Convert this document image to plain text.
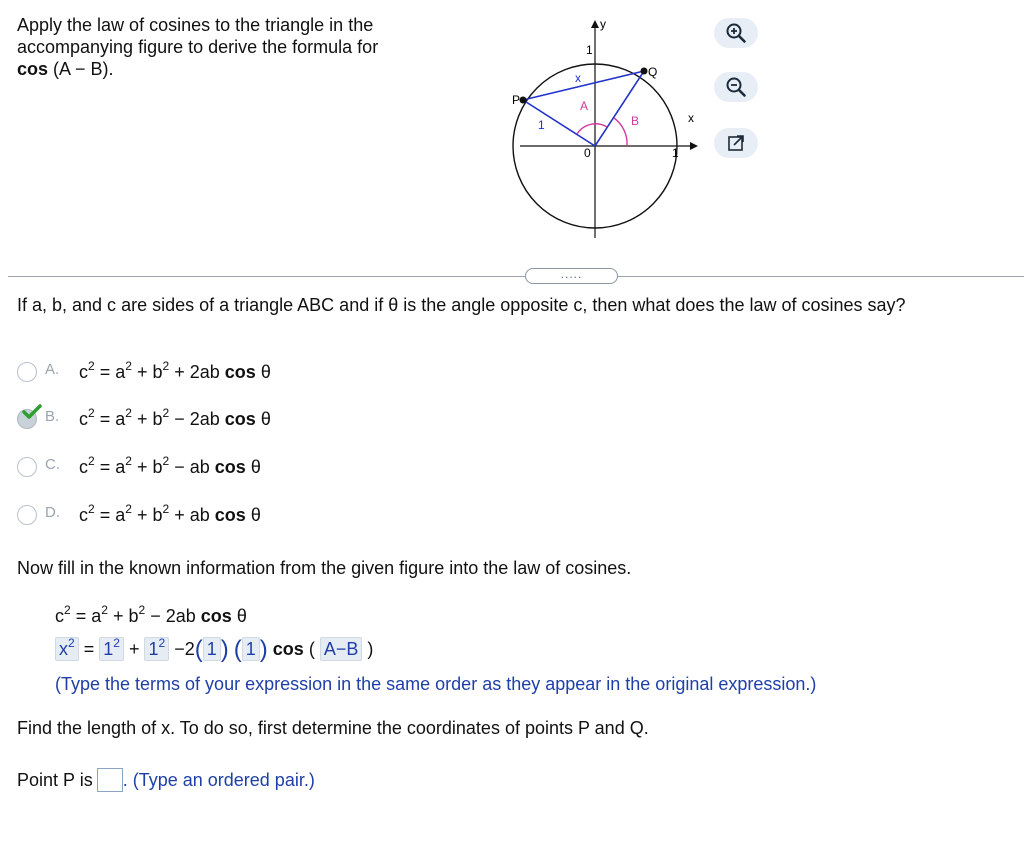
Apply the law of cosines to the triangle in the accompanying figure to derive the formula for cos (A − B).
y
1
x
1
0
P
Q
x
A
B
1
.....
If a, b, and c are sides of a triangle ABC and if θ is the angle opposite c, then what does the law of cosines say?
A.	$c^2 = a^2 + b^2 + 2ab$ cos θ
B.	$c^2 = a^2 + b^2 - 2ab$ cos θ
C.	$c^2 = a^2 + b^2$ − ab cos θ
D.	$c^2 = a^2 + b^2$ + ab cos θ
Now fill in the known information from the given figure into the law of cosines.
$c^2 = a^2 + b^2 - 2ab$ cos θ
$x^2 = 1^2 + 1^2 -2$( 1 ) ( 1 ) cos ( A−B )
(Type the terms of your expression in the same order as they appear in the original expression.)
Find the length of x. To do so, first determine the coordinates of points P and Q.
Point P is . (Type an ordered pair.)
